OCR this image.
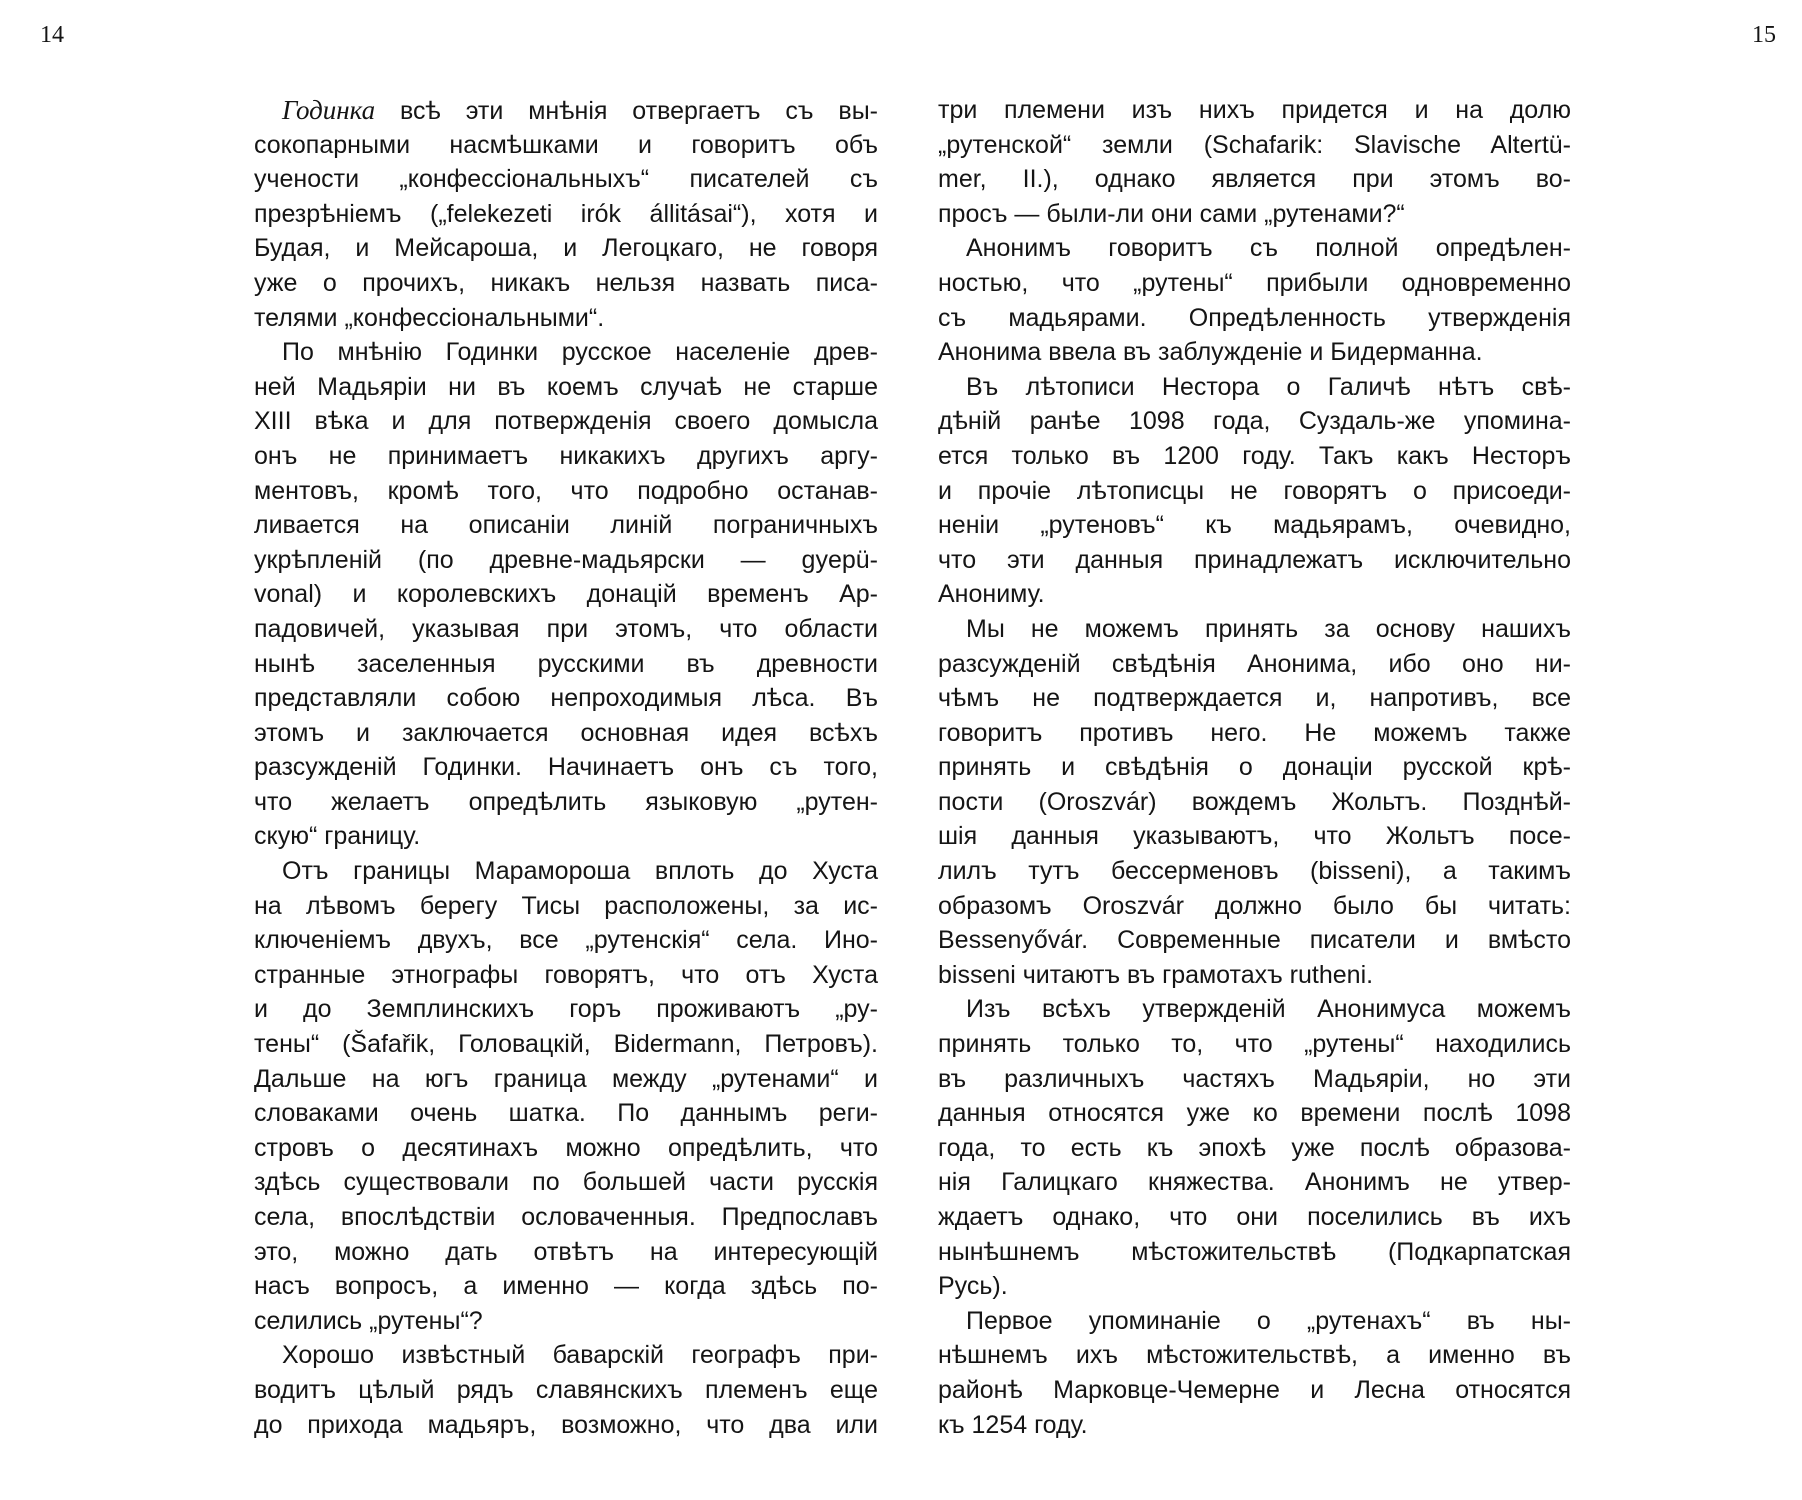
14	15
Годинка всѣ эти мнѣнія отвергаетъ съ вы-
сокопарными насмѣшками и говоритъ объ
учености „конфессіональныхъ“ писателей съ
презрѣніемъ („felekezeti irók állitásai“), хотя и
Будая, и Мейсароша, и Легоцкаго, не говоря
уже о прочихъ, никакъ нельзя назвать писа-
телями „конфессіональными“.
По мнѣнію Годинки русское населеніе древ-
ней Мадьяріи ни въ коемъ случаѣ не старше
XIII вѣка и для потвержденія своего домысла
онъ не принимаетъ никакихъ другихъ аргу-
ментовъ, кромѣ того, что подробно останав-
ливается на описаніи линій пограничныхъ
укрѣпленій (по древне-мадьярски — gyepü-
vonal) и королевскихъ донацій временъ Ар-
падовичей, указывая при этомъ, что области
нынѣ заселенныя русскими въ древности
представляли собою непроходимыя лѣса. Въ
этомъ и заключается основная идея всѣхъ
разсужденій Годинки. Начинаетъ онъ съ того,
что желаетъ опредѣлить языковую „рутен-
скую“ границу.
Отъ границы Марамороша вплоть до Хуста
на лѣвомъ берегу Тисы расположены, за ис-
ключеніемъ двухъ, все „рутенскія“ села. Ино-
странные этнографы говорятъ, что отъ Хуста
и до Земплинскихъ горъ проживаютъ „ру-
тены“ (Šafařik, Головацкій, Bidermann, Петровъ).
Дальше на югъ граница между „рутенами“ и
словаками очень шатка. По даннымъ реги-
стровъ о десятинахъ можно опредѣлить, что
здѣсь существовали по большей части русскія
села, впослѣдствіи ословаченныя. Предпославъ
это, можно дать отвѣтъ на интересующій
насъ вопросъ, а именно — когда здѣсь по-
селились „рутены“?
Хорошо извѣстный баварскій географъ при-
водитъ цѣлый рядъ славянскихъ племенъ еще
до прихода мадьяръ, возможно, что два или
три племени изъ нихъ придется и на долю
„рутенской“ земли (Schafarik: Slavische Altertü-
mer, II.), однако является при этомъ во-
просъ — были-ли они сами „рутенами?“
Анонимъ говоритъ съ полной опредѣлен-
ностью, что „рутены“ прибыли одновременно
съ мадьярами. Опредѣленность утвержденія
Анонима ввела въ заблужденіе и Бидерманна.
Въ лѣтописи Нестора о Галичѣ нѣтъ свѣ-
дѣній ранѣе 1098 года, Суздаль-же упомина-
ется только въ 1200 году. Такъ какъ Несторъ
и прочіе лѣтописцы не говорятъ о присоеди-
неніи „рутеновъ“ къ мадьярамъ, очевидно,
что эти данныя принадлежатъ исключительно
Анониму.
Мы не можемъ принять за основу нашихъ
разсужденій свѣдѣнія Анонима, ибо оно ни-
чѣмъ не подтверждается и, напротивъ, все
говоритъ противъ него. Не можемъ также
принять и свѣдѣнія о донаціи русской крѣ-
пости (Oroszvár) вождемъ Жольтъ. Позднѣй-
шія данныя указываютъ, что Жольтъ посе-
лилъ тутъ бессерменовъ (bisseni), а такимъ
образомъ Oroszvár должно было бы читать:
Bessenyővár. Современные писатели и вмѣсто
bisseni читаютъ въ грамотахъ rutheni.
Изъ всѣхъ утвержденій Анонимуса можемъ
принять только то, что „рутены“ находились
въ различныхъ частяхъ Мадьяріи, но эти
данныя относятся уже ко времени послѣ 1098
года, то есть къ эпохѣ уже послѣ образова-
нія Галицкаго княжества. Анонимъ не утвер-
ждаетъ однако, что они поселились въ ихъ
нынѣшнемъ мѣстожительствѣ (Подкарпатская
Русь).
Первое упоминаніе о „рутенахъ“ въ ны-
нѣшнемъ ихъ мѣстожительствѣ, а именно въ
районѣ Марковце-Чемерне и Лесна относятся
къ 1254 году.
